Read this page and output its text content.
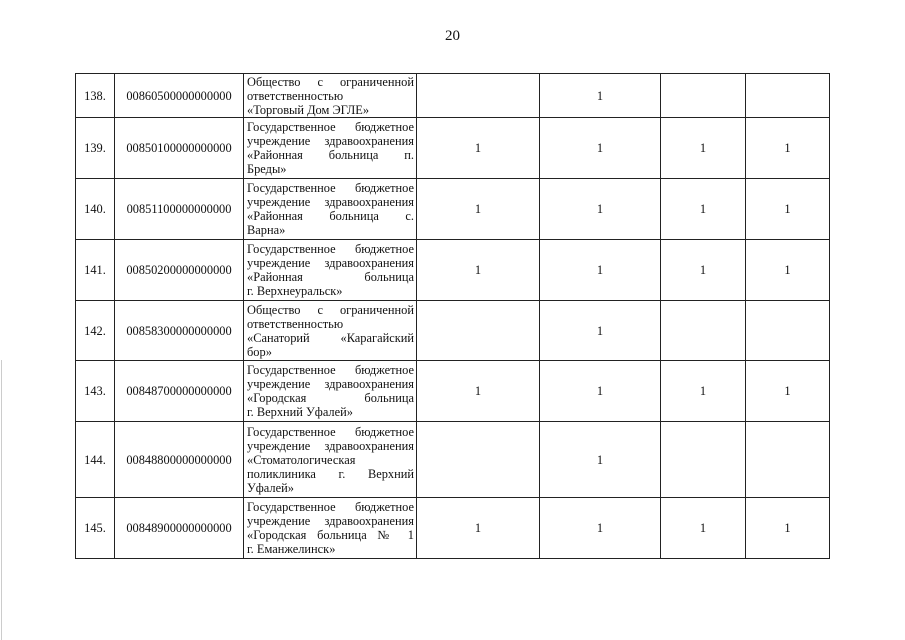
20
138.	00860500000000000	Общество с ограниченной
ответственностью
«Торговый Дом ЭГЛЕ»		1		
139.	00850100000000000	Государственное бюджетное
учреждение здравоохранения
«Районная больница п.
Бреды»	1	1	1	1
140.	00851100000000000	Государственное бюджетное
учреждение здравоохранения
«Районная больница с.
Варна»	1	1	1	1
141.	00850200000000000	Государственное бюджетное
учреждение здравоохранения
«Районная больница
г. Верхнеуральск»	1	1	1	1
142.	00858300000000000	Общество с ограниченной
ответственностью
«Санаторий «Карагайский
бор»		1		
143.	00848700000000000	Государственное бюджетное
учреждение здравоохранения
«Городская больница
г. Верхний Уфалей»	1	1	1	1
144.	00848800000000000	Государственное бюджетное
учреждение здравоохранения
«Стоматологическая
поликлиника г. Верхний
Уфалей»		1		
145.	00848900000000000	Государственное бюджетное
учреждение здравоохранения
«Городская больница № 1
г. Еманжелинск»	1	1	1	1
